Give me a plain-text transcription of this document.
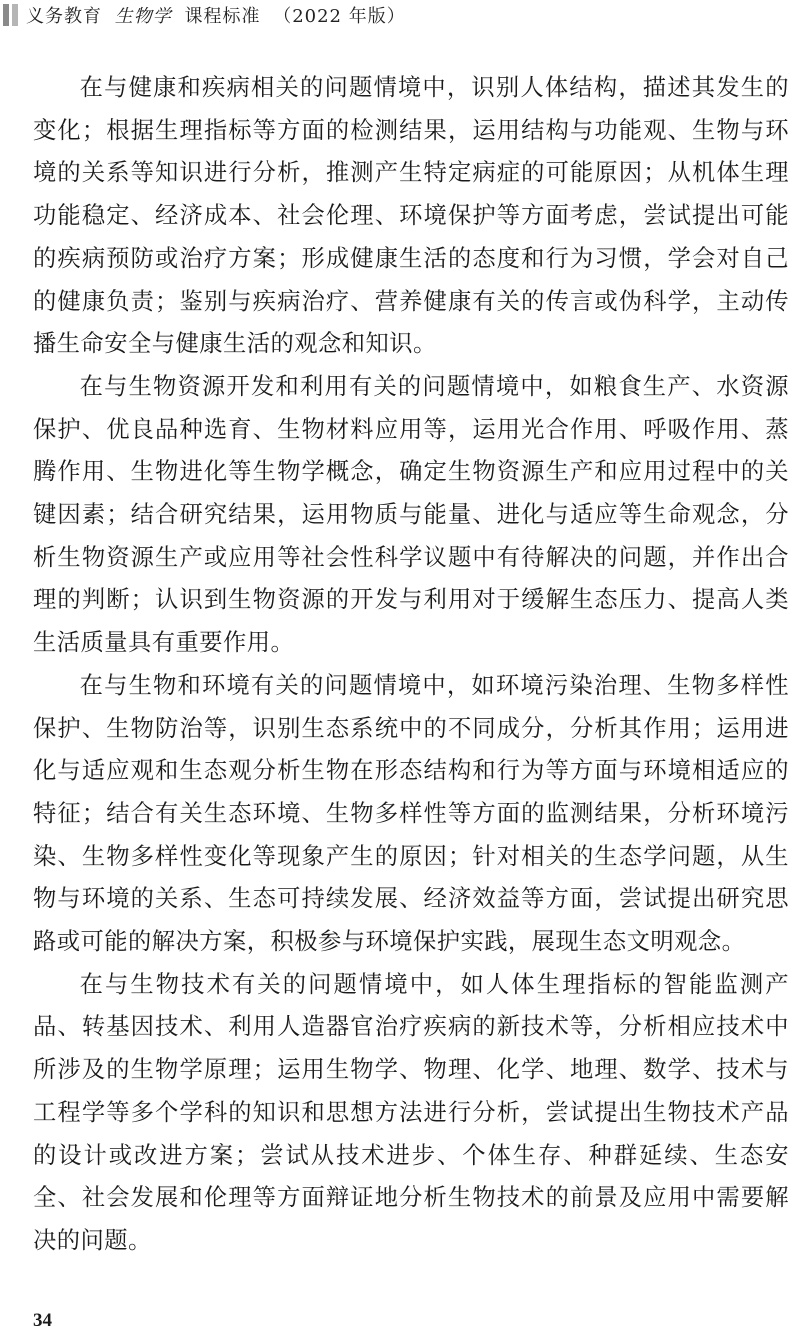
义务教育 生物学 课程标准 （2022 年版）

在与健康和疾病相关的问题情境中，识别人体结构，描述其发生的变化；根据生理指标等方面的检测结果，运用结构与功能观、生物与环境的关系等知识进行分析，推测产生特定病症的可能原因；从机体生理功能稳定、经济成本、社会伦理、环境保护等方面考虑，尝试提出可能的疾病预防或治疗方案；形成健康生活的态度和行为习惯，学会对自己的健康负责；鉴别与疾病治疗、营养健康有关的传言或伪科学，主动传播生命安全与健康生活的观念和知识。

在与生物资源开发和利用有关的问题情境中，如粮食生产、水资源保护、优良品种选育、生物材料应用等，运用光合作用、呼吸作用、蒸腾作用、生物进化等生物学概念，确定生物资源生产和应用过程中的关键因素；结合研究结果，运用物质与能量、进化与适应等生命观念，分析生物资源生产或应用等社会性科学议题中有待解决的问题，并作出合理的判断；认识到生物资源的开发与利用对于缓解生态压力、提高人类生活质量具有重要作用。

在与生物和环境有关的问题情境中，如环境污染治理、生物多样性保护、生物防治等，识别生态系统中的不同成分，分析其作用；运用进化与适应观和生态观分析生物在形态结构和行为等方面与环境相适应的特征；结合有关生态环境、生物多样性等方面的监测结果，分析环境污染、生物多样性变化等现象产生的原因；针对相关的生态学问题，从生物与环境的关系、生态可持续发展、经济效益等方面，尝试提出研究思路或可能的解决方案，积极参与环境保护实践，展现生态文明观念。

在与生物技术有关的问题情境中，如人体生理指标的智能监测产品、转基因技术、利用人造器官治疗疾病的新技术等，分析相应技术中所涉及的生物学原理；运用生物学、物理、化学、地理、数学、技术与工程学等多个学科的知识和思想方法进行分析，尝试提出生物技术产品的设计或改进方案；尝试从技术进步、个体生存、种群延续、生态安全、社会发展和伦理等方面辩证地分析生物技术的前景及应用中需要解决的问题。

34
